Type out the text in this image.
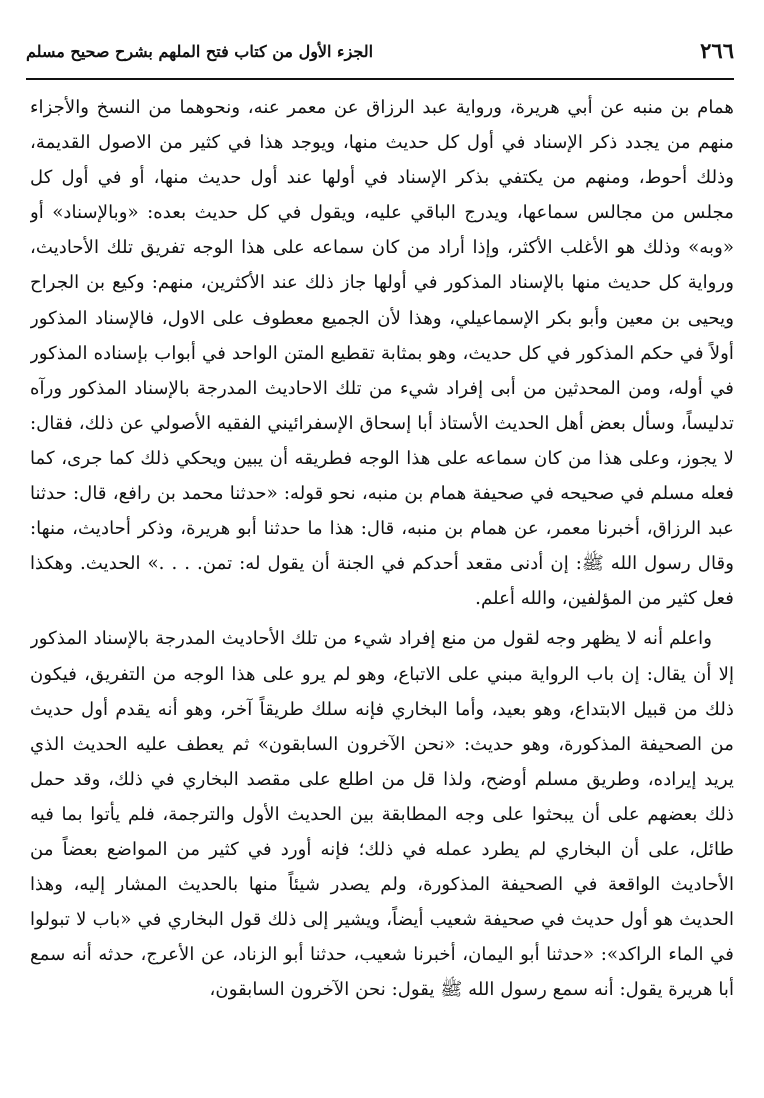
٢٦٦
الجزء الأول من كتاب فتح الملهم بشرح صحيح مسلم

همام بن منبه عن أبي هريرة، ورواية عبد الرزاق عن معمر عنه، ونحوهما من النسخ والأجزاء منهم من يجدد ذكر الإسناد في أول كل حديث منها، ويوجد هذا في كثير من الاصول القديمة، وذلك أحوط، ومنهم من يكتفي بذكر الإسناد في أولها عند أول حديث منها، أو في أول كل مجلس من مجالس سماعها، ويدرج الباقي عليه، ويقول في كل حديث بعده: «وبالإسناد» أو «وبه» وذلك هو الأغلب الأكثر، وإذا أراد من كان سماعه على هذا الوجه تفريق تلك الأحاديث، ورواية كل حديث منها بالإسناد المذكور في أولها جاز ذلك عند الأكثرين، منهم: وكيع بن الجراح ويحيى بن معين وأبو بكر الإسماعيلي، وهذا لأن الجميع معطوف على الاول، فالإسناد المذكور أولاً في حكم المذكور في كل حديث، وهو بمثابة تقطيع المتن الواحد في أبواب بإسناده المذكور في أوله، ومن المحدثين من أبى إفراد شيء من تلك الاحاديث المدرجة بالإسناد المذكور ورآه تدليساً، وسأل بعض أهل الحديث الأستاذ أبا إسحاق الإسفرائيني الفقيه الأصولي عن ذلك، فقال: لا يجوز، وعلى هذا من كان سماعه على هذا الوجه فطريقه أن يبين ويحكي ذلك كما جرى، كما فعله مسلم في صحيحه في صحيفة همام بن منبه، نحو قوله: «حدثنا محمد بن رافع، قال: حدثنا عبد الرزاق، أخبرنا معمر، عن همام بن منبه، قال: هذا ما حدثنا أبو هريرة، وذكر أحاديث، منها: وقال رسول الله ﷺ: إن أدنى مقعد أحدكم في الجنة أن يقول له: تمن. . . .» الحديث. وهكذا فعل كثير من المؤلفين، والله أعلم.

واعلم أنه لا يظهر وجه لقول من منع إفراد شيء من تلك الأحاديث المدرجة بالإسناد المذكور إلا أن يقال: إن باب الرواية مبني على الاتباع، وهو لم يرو على هذا الوجه من التفريق، فيكون ذلك من قبيل الابتداع، وهو بعيد، وأما البخاري فإنه سلك طريقاً آخر، وهو أنه يقدم أول حديث من الصحيفة المذكورة، وهو حديث: «نحن الآخرون السابقون» ثم يعطف عليه الحديث الذي يريد إيراده، وطريق مسلم أوضح، ولذا قل من اطلع على مقصد البخاري في ذلك، وقد حمل ذلك بعضهم على أن يبحثوا على وجه المطابقة بين الحديث الأول والترجمة، فلم يأتوا بما فيه طائل، على أن البخاري لم يطرد عمله في ذلك؛ فإنه أورد في كثير من المواضع بعضاً من الأحاديث الواقعة في الصحيفة المذكورة، ولم يصدر شيئاً منها بالحديث المشار إليه، وهذا الحديث هو أول حديث في صحيفة شعيب أيضاً، ويشير إلى ذلك قول البخاري في «باب لا تبولوا في الماء الراكد»: «حدثنا أبو اليمان، أخبرنا شعيب، حدثنا أبو الزناد، عن الأعرج، حدثه أنه سمع أبا هريرة يقول: أنه سمع رسول الله ﷺ يقول: نحن الآخرون السابقون،
